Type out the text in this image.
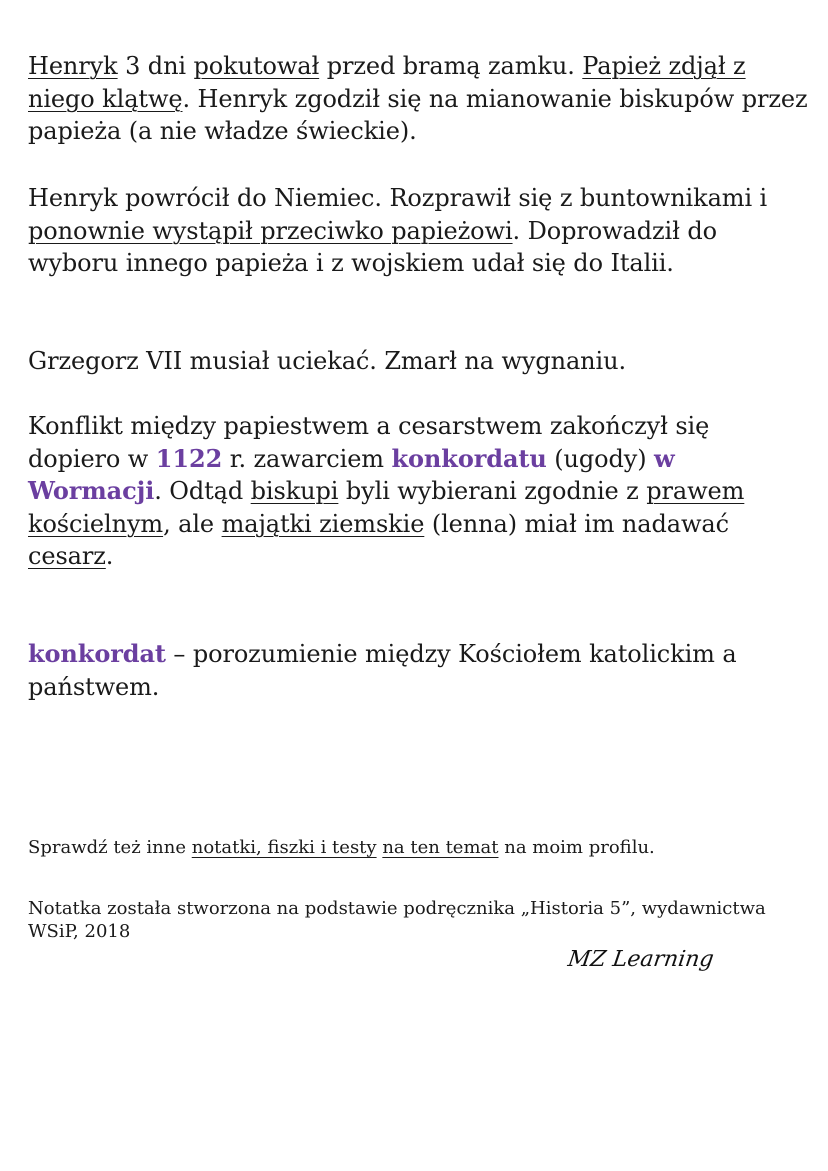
Henryk 3 dni pokutował przed bramą zamku. Papież zdjął z niego klątwę. Henryk zgodził się na mianowanie biskupów przez papieża (a nie władze świeckie).

Henryk powrócił do Niemiec. Rozprawił się z buntownikami i ponownie wystąpił przeciwko papieżowi. Doprowadził do wyboru innego papieża i z wojskiem udał się do Italii.

Grzegorz VII musiał uciekać. Zmarł na wygnaniu.

Konflikt między papiestwem a cesarstwem zakończył się dopiero w 1122 r. zawarciem konkordatu (ugody) w Wormacji. Odtąd biskupi byli wybierani zgodnie z prawem kościelnym, ale majątki ziemskie (lenna) miał im nadawać cesarz.

konkordat – porozumienie między Kościołem katolickim a państwem.

Sprawdź też inne notatki, fiszki i testy na ten temat na moim profilu.

Notatka została stworzona na podstawie podręcznika „Historia 5”, wydawnictwa WSiP, 2018

MZ Learning
